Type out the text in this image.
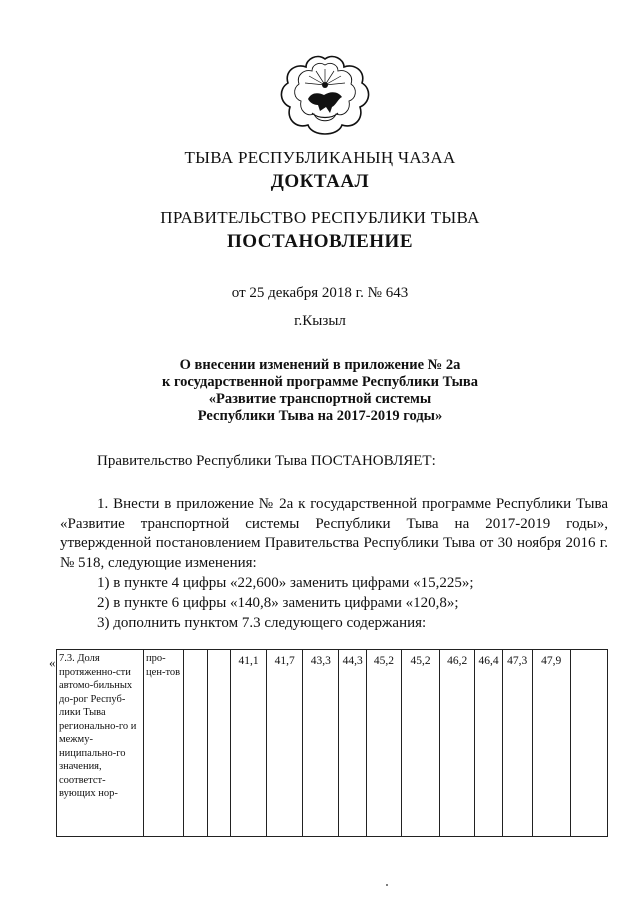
ТЫВА РЕСПУБЛИКАНЫҢ ЧАЗАА
ДОКТААЛ
ПРАВИТЕЛЬСТВО РЕСПУБЛИКИ ТЫВА
ПОСТАНОВЛЕНИЕ
от 25 декабря 2018 г. № 643
г.Кызыл
О внесении изменений в приложение № 2а
к государственной программе Республики Тыва
«Развитие транспортной системы
Республики Тыва на 2017-2019 годы»
Правительство Республики Тыва ПОСТАНОВЛЯЕТ:
1. Внести в приложение № 2а к государственной программе Республики Тыва «Развитие транспортной системы Республики Тыва на 2017-2019 годы», утвержденной постановлением Правительства Республики Тыва от 30 ноября 2016 г. № 518, следующие изменения:
1) в пункте 4 цифры «22,600» заменить цифрами «15,225»;
2) в пункте 6 цифры «140,8» заменить цифрами «120,8»;
3) дополнить пунктом 7.3 следующего содержания:
« 7.3. Доля протяженно-сти автомо-бильных до-рог Респуб-лики Тыва регионально-го и межму-ниципально-го значения, соответст-вующих нор-	про-цен-тов			41,1	41,7	43,3	44,3	45,2	45,2	46,2	46,4	47,3	47,9	
